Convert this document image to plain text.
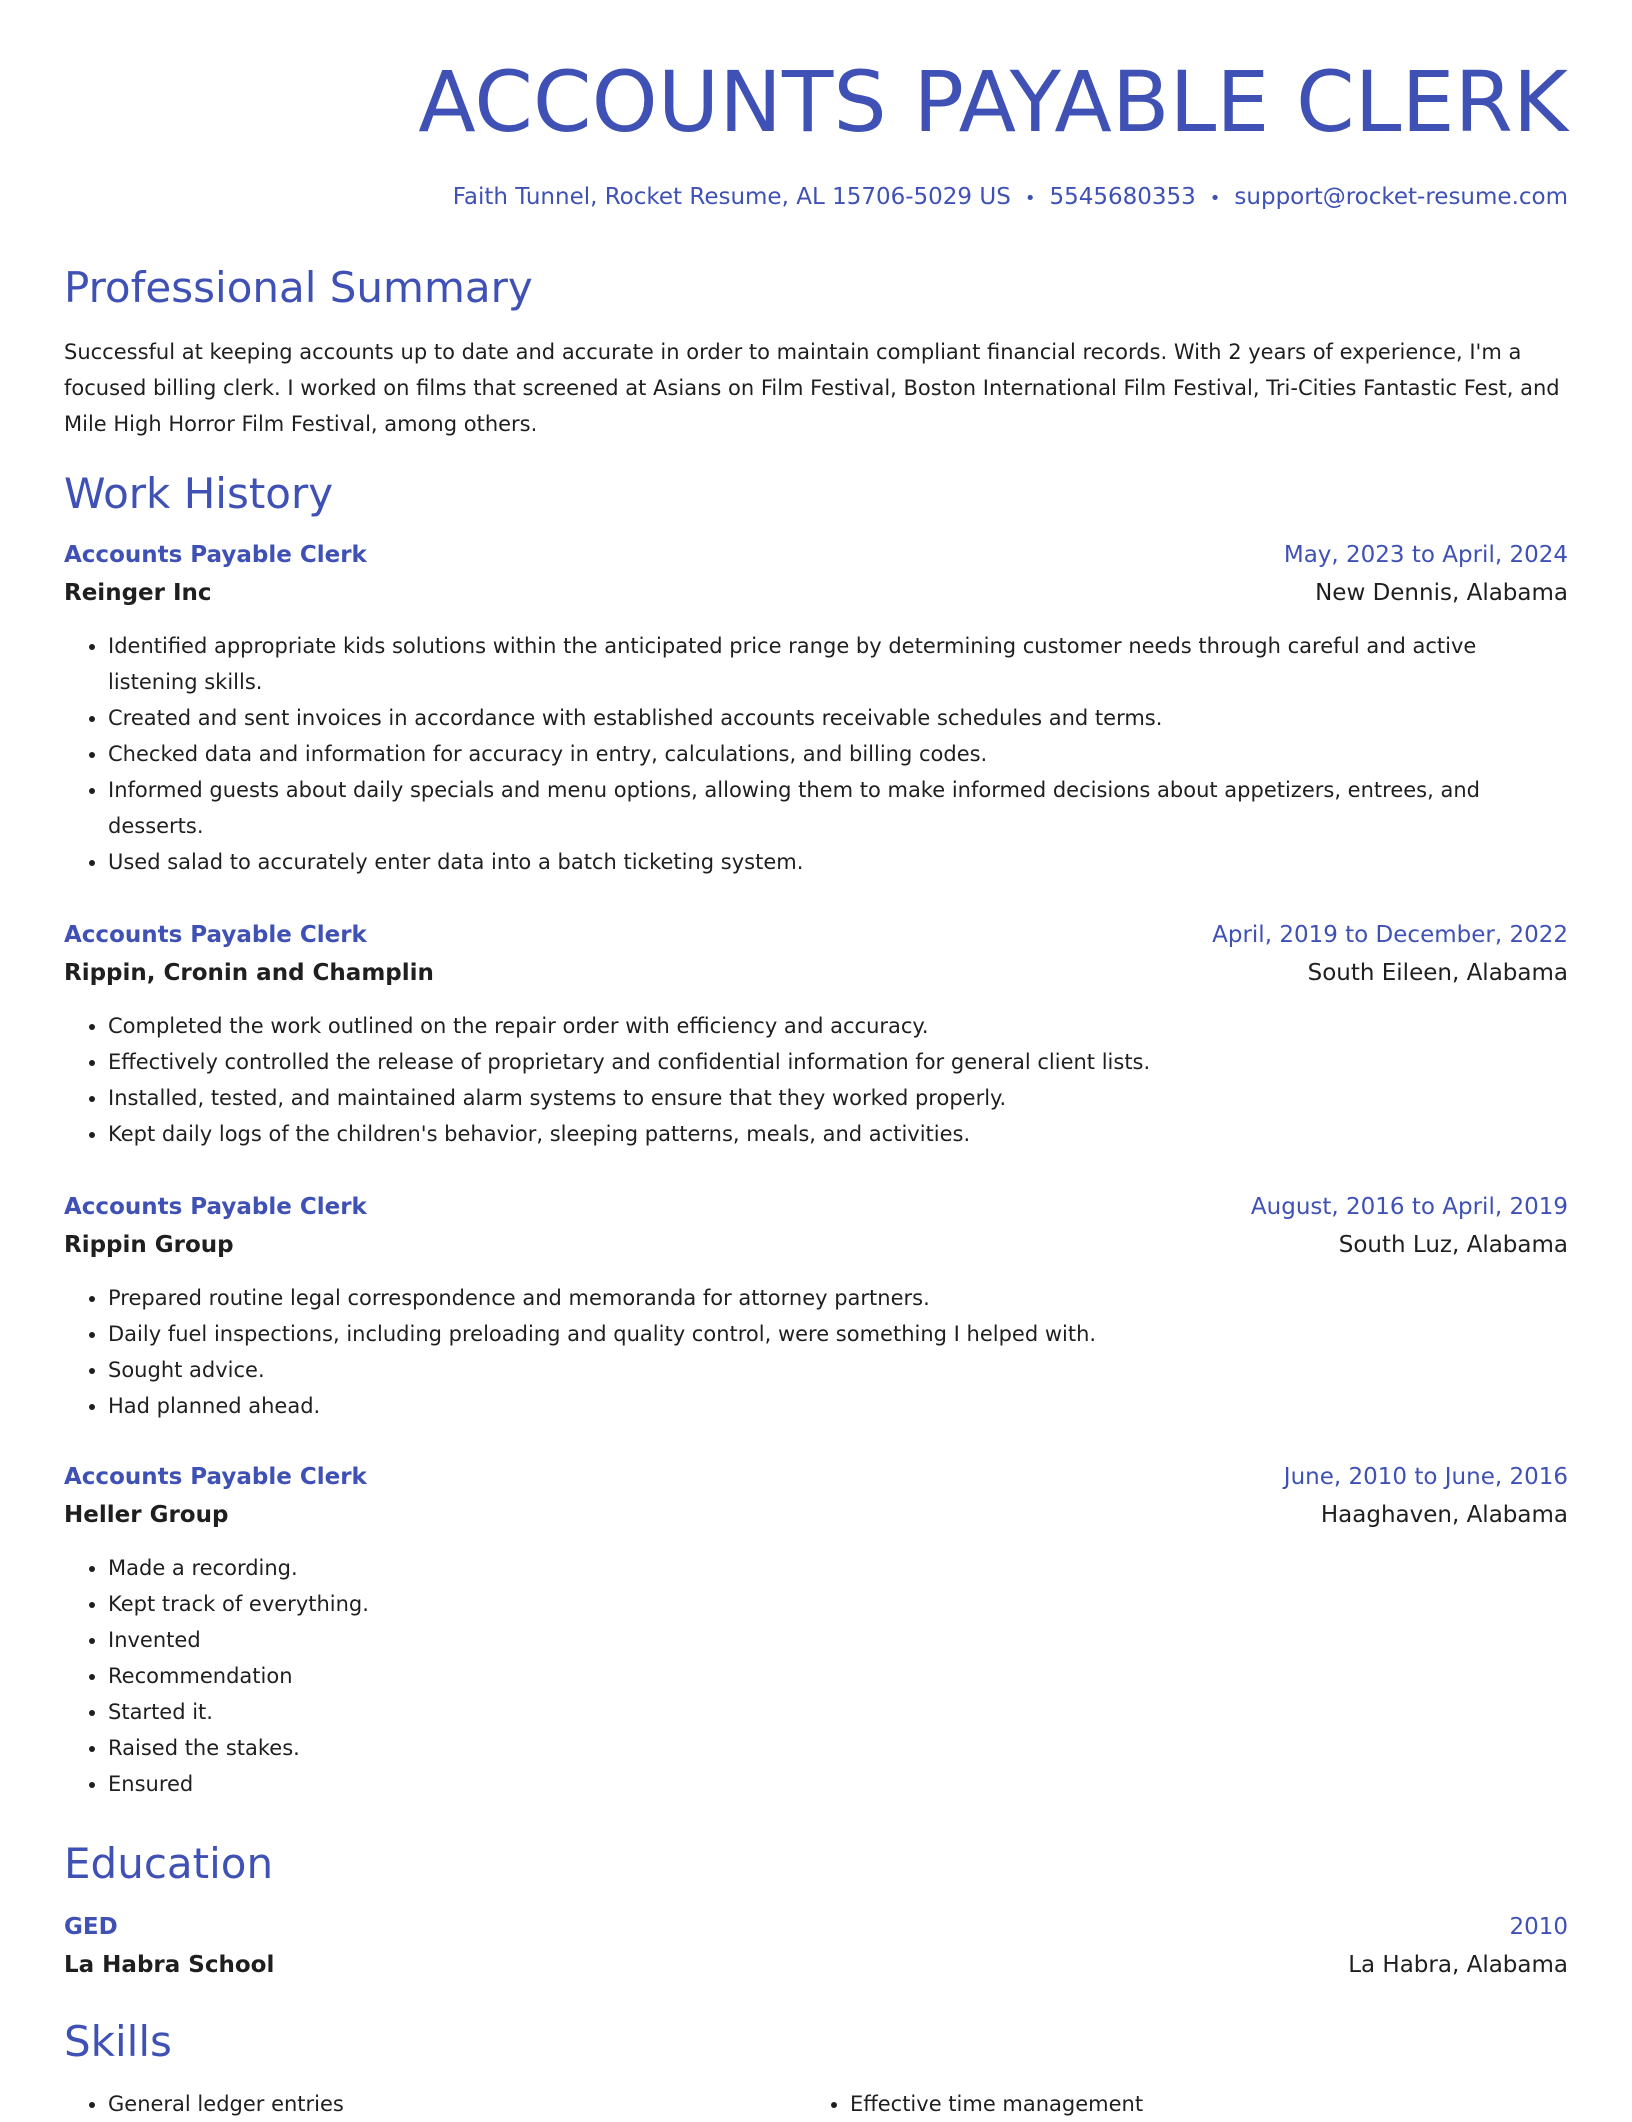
ACCOUNTS PAYABLE CLERK
Faith Tunnel, Rocket Resume, AL 15706-5029 US • 5545680353 • support@rocket-resume.com
Professional Summary
Successful at keeping accounts up to date and accurate in order to maintain compliant financial records. With 2 years of experience, I'm a focused billing clerk. I worked on films that screened at Asians on Film Festival, Boston International Film Festival, Tri-Cities Fantastic Fest, and Mile High Horror Film Festival, among others.
Work History
Accounts Payable Clerk	May, 2023 to April, 2024
Reinger Inc	New Dennis, Alabama
• Identified appropriate kids solutions within the anticipated price range by determining customer needs through careful and active listening skills.
• Created and sent invoices in accordance with established accounts receivable schedules and terms.
• Checked data and information for accuracy in entry, calculations, and billing codes.
• Informed guests about daily specials and menu options, allowing them to make informed decisions about appetizers, entrees, and desserts.
• Used salad to accurately enter data into a batch ticketing system.
Accounts Payable Clerk	April, 2019 to December, 2022
Rippin, Cronin and Champlin	South Eileen, Alabama
• Completed the work outlined on the repair order with efficiency and accuracy.
• Effectively controlled the release of proprietary and confidential information for general client lists.
• Installed, tested, and maintained alarm systems to ensure that they worked properly.
• Kept daily logs of the children's behavior, sleeping patterns, meals, and activities.
Accounts Payable Clerk	August, 2016 to April, 2019
Rippin Group	South Luz, Alabama
• Prepared routine legal correspondence and memoranda for attorney partners.
• Daily fuel inspections, including preloading and quality control, were something I helped with.
• Sought advice.
• Had planned ahead.
Accounts Payable Clerk	June, 2010 to June, 2016
Heller Group	Haaghaven, Alabama
• Made a recording.
• Kept track of everything.
• Invented
• Recommendation
• Started it.
• Raised the stakes.
• Ensured
Education
GED	2010
La Habra School	La Habra, Alabama
Skills
• General ledger entries
•	Effective time management
